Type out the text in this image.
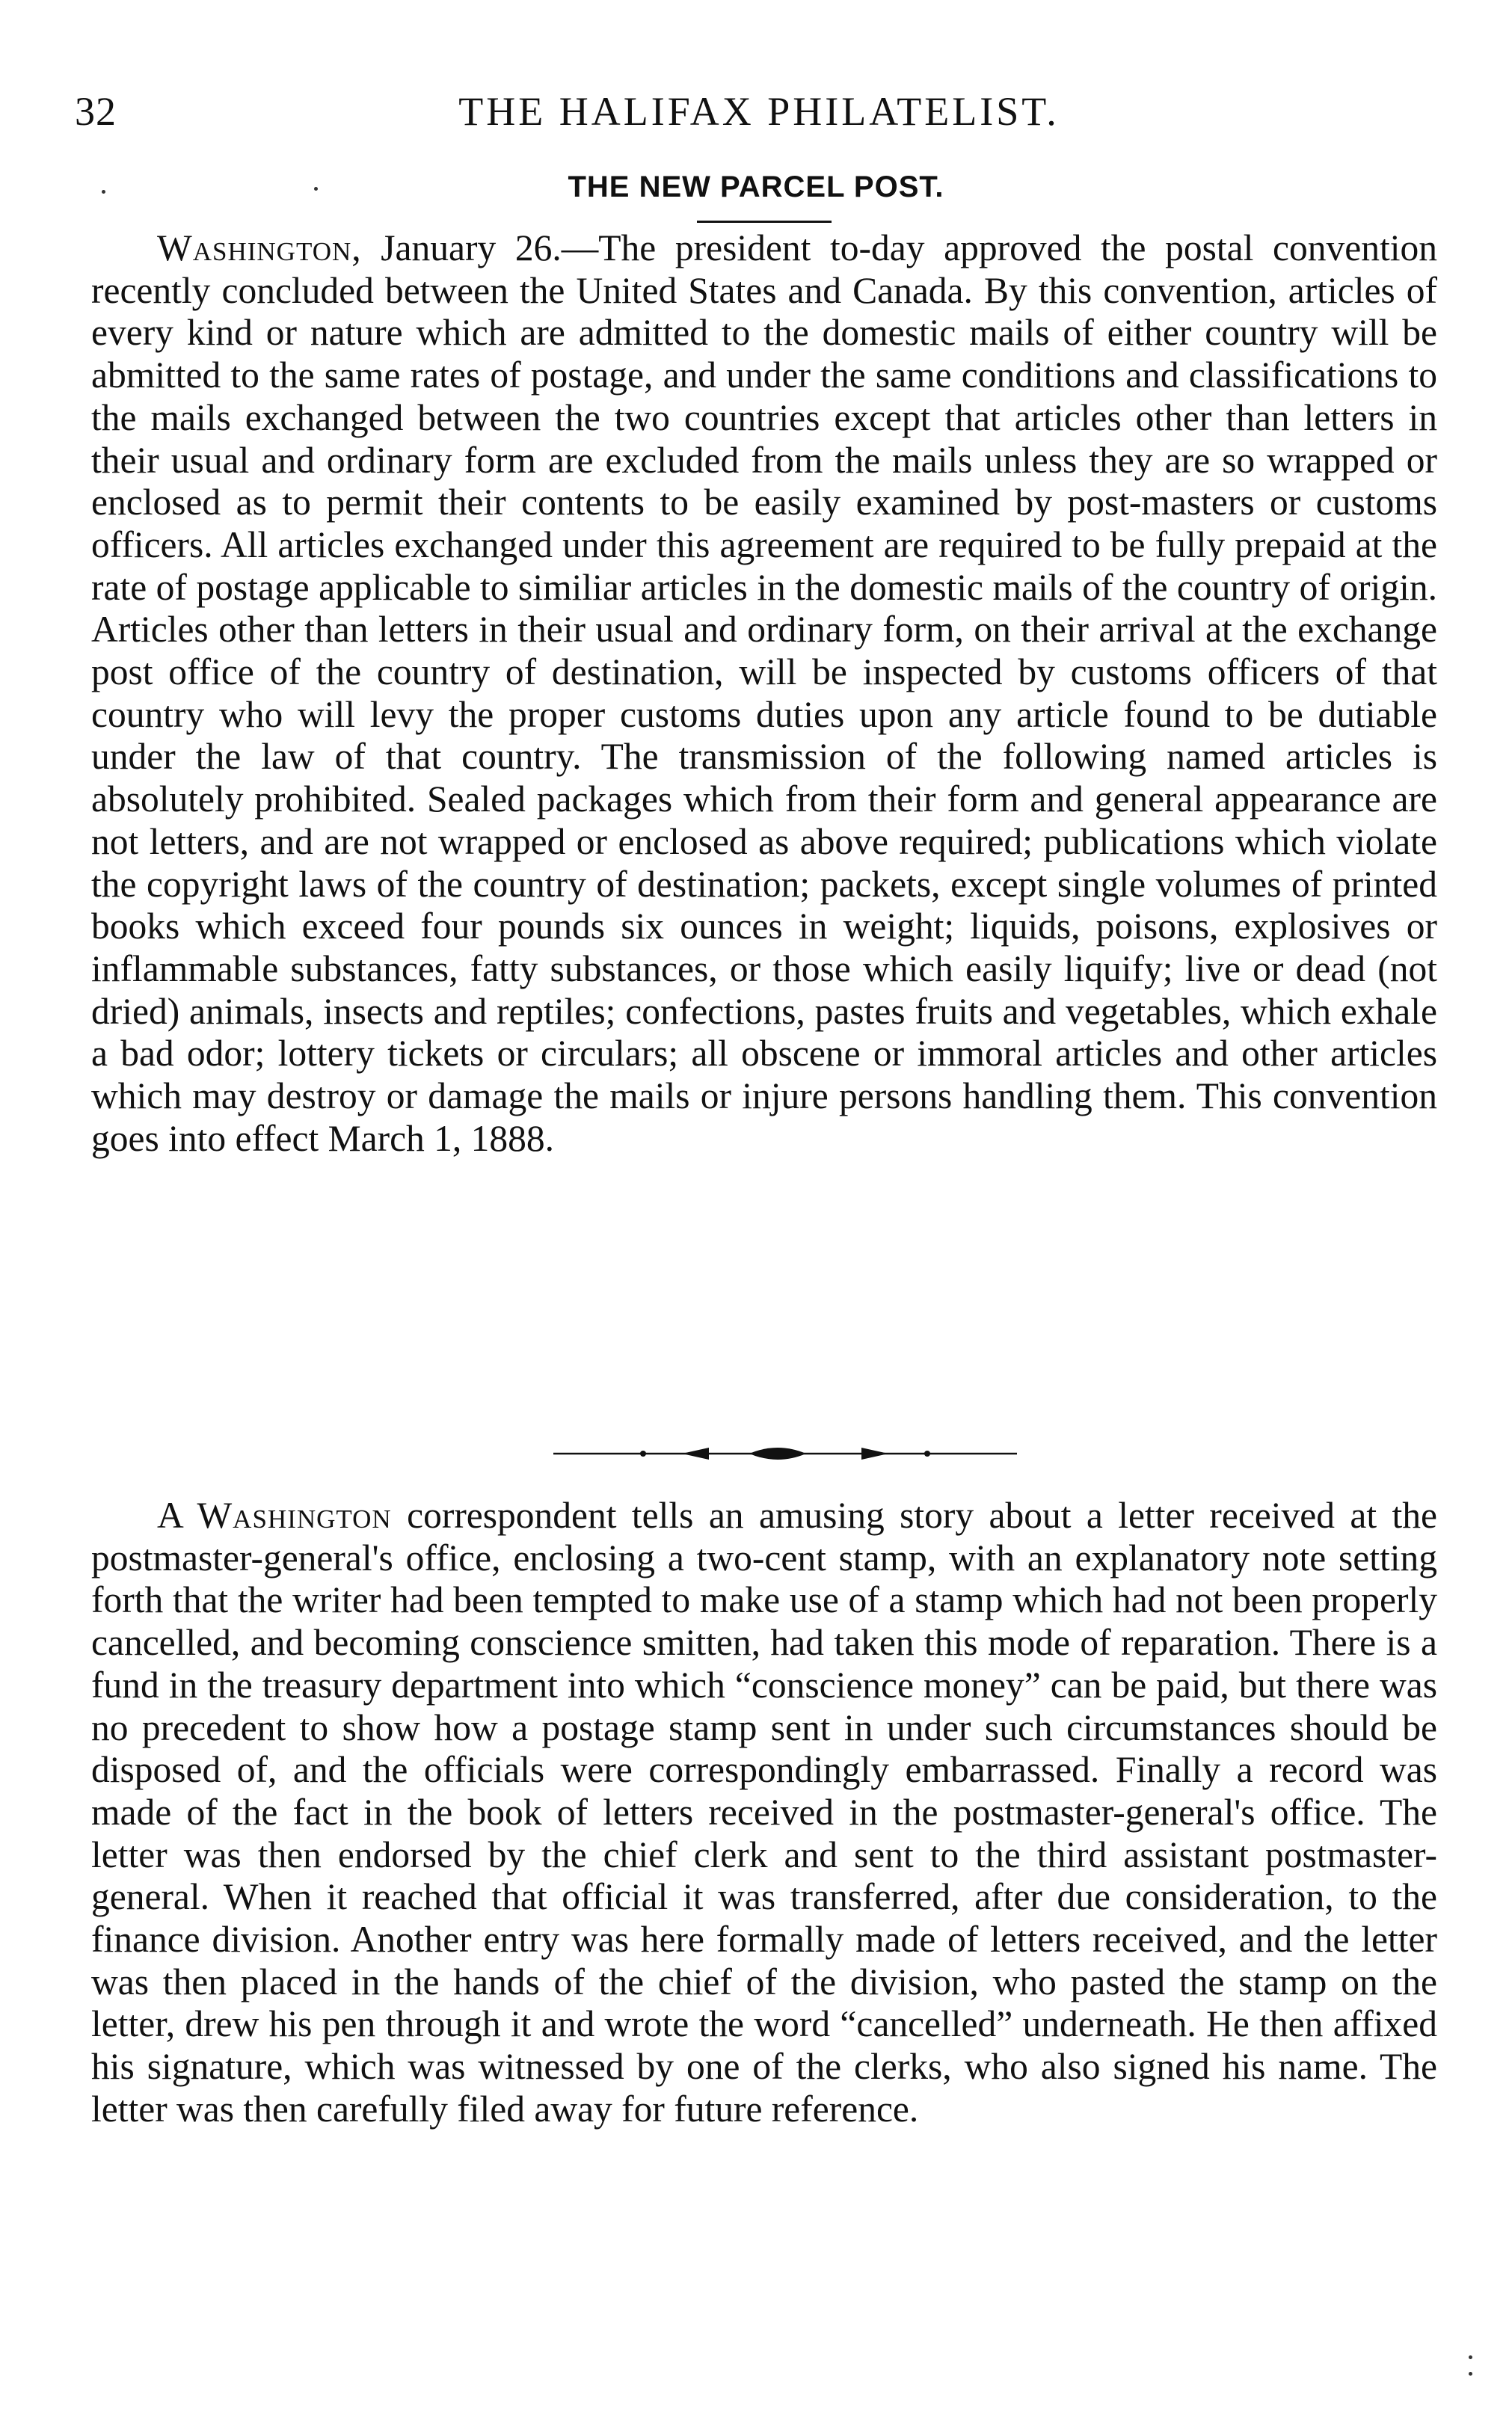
32	THE HALIFAX PHILATELIST.
THE NEW PARCEL POST.

Washington, January 26.—The president to-day approved the postal convention recently concluded between the United States and Canada. By this convention, articles of every kind or nature which are admitted to the domestic mails of either country will be abmitted to the same rates of postage, and under the same conditions and classifications to the mails exchanged between the two countries except that articles other than letters in their usual and ordinary form are excluded from the mails unless they are so wrapped or enclosed as to permit their contents to be easily examined by post-masters or customs officers. All articles exchanged under this agreement are required to be fully prepaid at the rate of postage applicable to similiar articles in the domestic mails of the country of origin. Articles other than letters in their usual and ordinary form, on their arrival at the exchange post office of the country of destination, will be inspected by customs officers of that country who will levy the proper customs duties upon any article found to be dutiable under the law of that country. The transmission of the following named articles is absolutely prohibited. Sealed packages which from their form and general appearance are not letters, and are not wrapped or enclosed as above required; publications which violate the copyright laws of the country of destination; packets, except single volumes of printed books which exceed four pounds six ounces in weight; liquids, poisons, explosives or inflammable substances, fatty substances, or those which easily liquify; live or dead (not dried) animals, insects and reptiles; confections, pastes fruits and vegetables, which exhale a bad odor; lottery tickets or circulars; all obscene or immoral articles and other articles which may destroy or damage the mails or injure persons handling them. This convention goes into effect March 1, 1888.

A Washington correspondent tells an amusing story about a letter received at the postmaster-general's office, enclosing a two-cent stamp, with an explanatory note setting forth that the writer had been tempted to make use of a stamp which had not been properly cancelled, and becoming conscience smitten, had taken this mode of reparation. There is a fund in the treasury department into which “conscience money” can be paid, but there was no precedent to show how a postage stamp sent in under such circumstances should be disposed of, and the officials were correspondingly embarrassed. Finally a record was made of the fact in the book of letters received in the postmaster-general's office. The letter was then endorsed by the chief clerk and sent to the third assistant postmaster-general. When it reached that official it was transferred, after due consideration, to the finance division. Another entry was here formally made of letters received, and the letter was then placed in the hands of the chief of the division, who pasted the stamp on the letter, drew his pen through it and wrote the word “cancelled” underneath. He then affixed his signature, which was witnessed by one of the clerks, who also signed his name. The letter was then carefully filed away for future reference.
